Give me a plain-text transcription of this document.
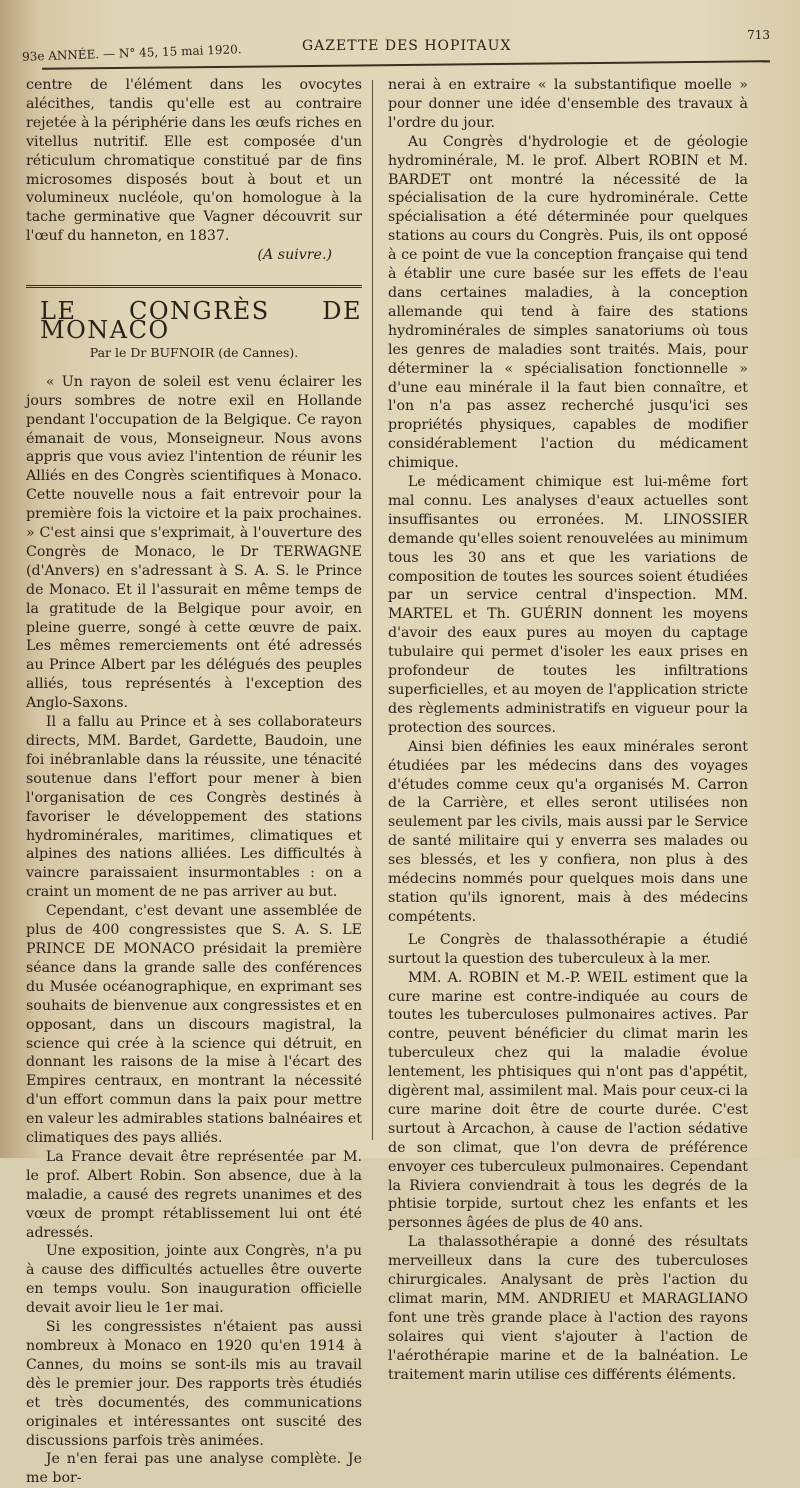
93e ANNÉE. — N° 45, 15 mai 1920.	GAZETTE DES HOPITAUX
713

centre de l'élément dans les ovocytes alécithes, tandis qu'elle est au contraire rejetée à la périphérie dans les œufs riches en vitellus nutritif. Elle est composée d'un réticulum chromatique constitué par de fins microsomes disposés bout à bout et un volumineux nucléole, qu'on homologue à la tache germinative que Vagner découvrit sur l'œuf du hanneton, en 1837.

(A suivre.)

LE CONGRÈS DE MONACO

Par le Dr BUFNOIR (de Cannes).

« Un rayon de soleil est venu éclairer les jours sombres de notre exil en Hollande pendant l'occupation de la Belgique. Ce rayon émanait de vous, Monseigneur. Nous avons appris que vous aviez l'intention de réunir les Alliés en des Congrès scientifiques à Monaco. Cette nouvelle nous a fait entrevoir pour la première fois la victoire et la paix prochaines. » C'est ainsi que s'exprimait, à l'ouverture des Congrès de Monaco, le Dr TERWAGNE (d'Anvers) en s'adressant à S. A. S. le Prince de Monaco. Et il l'assurait en même temps de la gratitude de la Belgique pour avoir, en pleine guerre, songé à cette œuvre de paix. Les mêmes remerciements ont été adressés au Prince Albert par les délégués des peuples alliés, tous représentés à l'exception des Anglo-Saxons.

Il a fallu au Prince et à ses collaborateurs directs, MM. Bardet, Gardette, Baudoin, une foi inébranlable dans la réussite, une ténacité soutenue dans l'effort pour mener à bien l'organisation de ces Congrès destinés à favoriser le développement des stations hydrominérales, maritimes, climatiques et alpines des nations alliées. Les difficultés à vaincre paraissaient insurmontables : on a craint un moment de ne pas arriver au but.

Cependant, c'est devant une assemblée de plus de 400 congressistes que S. A. S. LE PRINCE DE MONACO présidait la première séance dans la grande salle des conférences du Musée océanographique, en exprimant ses souhaits de bienvenue aux congressistes et en opposant, dans un discours magistral, la science qui crée à la science qui détruit, en donnant les raisons de la mise à l'écart des Empires centraux, en montrant la nécessité d'un effort commun dans la paix pour mettre en valeur les admirables stations balnéaires et climatiques des pays alliés.

La France devait être représentée par M. le prof. Albert Robin. Son absence, due à la maladie, a causé des regrets unanimes et des vœux de prompt rétablissement lui ont été adressés.

Une exposition, jointe aux Congrès, n'a pu à cause des difficultés actuelles être ouverte en temps voulu. Son inauguration officielle devait avoir lieu le 1er mai.

Si les congressistes n'étaient pas aussi nombreux à Monaco en 1920 qu'en 1914 à Cannes, du moins se sont-ils mis au travail dès le premier jour. Des rapports très étudiés et très documentés, des communications originales et intéressantes ont suscité des discussions parfois très animées.

Je n'en ferai pas une analyse complète. Je me bor-

nerai à en extraire « la substantifique moelle » pour donner une idée d'ensemble des travaux à l'ordre du jour.

Au Congrès d'hydrologie et de géologie hydrominérale, M. le prof. Albert ROBIN et M. BARDET ont montré la nécessité de la spécialisation de la cure hydrominérale. Cette spécialisation a été déterminée pour quelques stations au cours du Congrès. Puis, ils ont opposé à ce point de vue la conception française qui tend à établir une cure basée sur les effets de l'eau dans certaines maladies, à la conception allemande qui tend à faire des stations hydrominérales de simples sanatoriums où tous les genres de maladies sont traités. Mais, pour déterminer la « spécialisation fonctionnelle » d'une eau minérale il la faut bien connaître, et l'on n'a pas assez recherché jusqu'ici ses propriétés physiques, capables de modifier considérablement l'action du médicament chimique.

Le médicament chimique est lui-même fort mal connu. Les analyses d'eaux actuelles sont insuffisantes ou erronées. M. LINOSSIER demande qu'elles soient renouvelées au minimum tous les 30 ans et que les variations de composition de toutes les sources soient étudiées par un service central d'inspection. MM. MARTEL et Th. GUÉRIN donnent les moyens d'avoir des eaux pures au moyen du captage tubulaire qui permet d'isoler les eaux prises en profondeur de toutes les infiltrations superficielles, et au moyen de l'application stricte des règlements administratifs en vigueur pour la protection des sources.

Ainsi bien définies les eaux minérales seront étudiées par les médecins dans des voyages d'études comme ceux qu'a organisés M. Carron de la Carrière, et elles seront utilisées non seulement par les civils, mais aussi par le Service de santé militaire qui y enverra ses malades ou ses blessés, et les y confiera, non plus à des médecins nommés pour quelques mois dans une station qu'ils ignorent, mais à des médecins compétents.

Le Congrès de thalassothérapie a étudié surtout la question des tuberculeux à la mer.

MM. A. ROBIN et M.-P. WEIL estiment que la cure marine est contre-indiquée au cours de toutes les tuberculoses pulmonaires actives. Par contre, peuvent bénéficier du climat marin les tuberculeux chez qui la maladie évolue lentement, les phtisiques qui n'ont pas d'appétit, digèrent mal, assimilent mal. Mais pour ceux-ci la cure marine doit être de courte durée. C'est surtout à Arcachon, à cause de l'action sédative de son climat, que l'on devra de préférence envoyer ces tuberculeux pulmonaires. Cependant la Riviera conviendrait à tous les degrés de la phtisie torpide, surtout chez les enfants et les personnes âgées de plus de 40 ans.

La thalassothérapie a donné des résultats merveilleux dans la cure des tuberculoses chirurgicales. Analysant de près l'action du climat marin, MM. ANDRIEU et MARAGLIANO font une très grande place à l'action des rayons solaires qui vient s'ajouter à l'action de l'aérothérapie marine et de la balnéation. Le traitement marin utilise ces différents éléments.
